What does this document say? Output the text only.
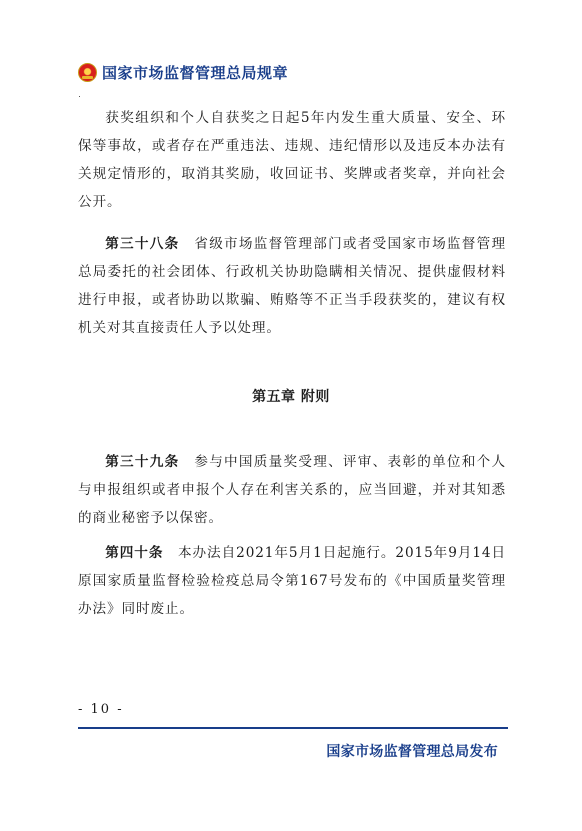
国家市场监督管理总局规章

获奖组织和个人自获奖之日起5年内发生重大质量、安全、环保等事故，或者存在严重违法、违规、违纪情形以及违反本办法有关规定情形的，取消其奖励，收回证书、奖牌或者奖章，并向社会公开。

第三十八条　 省级市场监督管理部门或者受国家市场监督管理总局委托的社会团体、行政机关协助隐瞒相关情况、提供虚假材料进行申报，或者协助以欺骗、贿赂等不正当手段获奖的，建议有权机关对其直接责任人予以处理。

第五章 附则

第三十九条　 参与中国质量奖受理、评审、表彰的单位和个人与申报组织或者申报个人存在利害关系的，应当回避，并对其知悉的商业秘密予以保密。

第四十条　 本办法自2021年5月1日起施行。2015年9月14日原国家质量监督检验检疫总局令第167号发布的《中国质量奖管理办法》同时废止。

- 10 -
国家市场监督管理总局发布
